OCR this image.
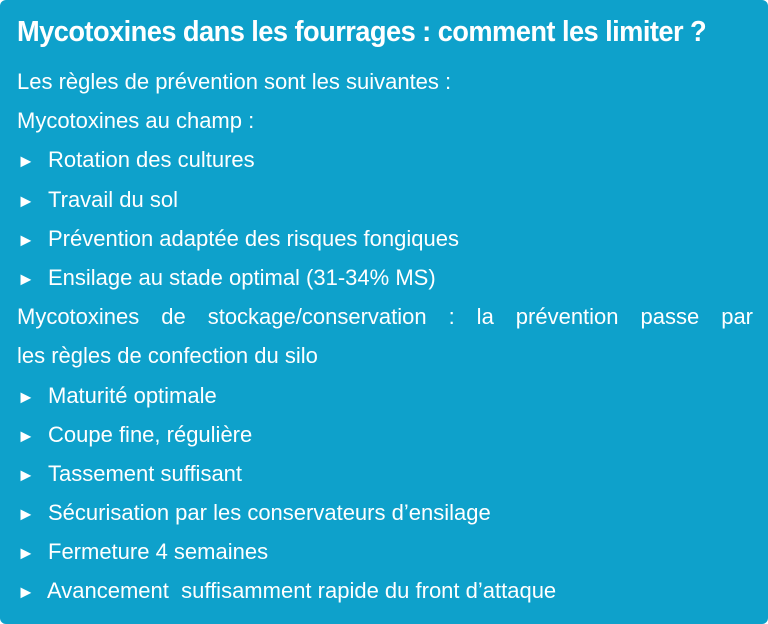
Mycotoxines dans les fourrages : comment les limiter ?
Les règles de prévention sont les suivantes :
Mycotoxines au champ :
► Rotation des cultures
► Travail du sol
► Prévention adaptée des risques fongiques
► Ensilage au stade optimal (31-34% MS)
Mycotoxines de stockage/conservation : la prévention passe par
les règles de confection du silo
► Maturité optimale
► Coupe fine, régulière
► Tassement suffisant
► Sécurisation par les conservateurs d’ensilage
► Fermeture 4 semaines
► Avancement  suffisamment rapide du front d’attaque
